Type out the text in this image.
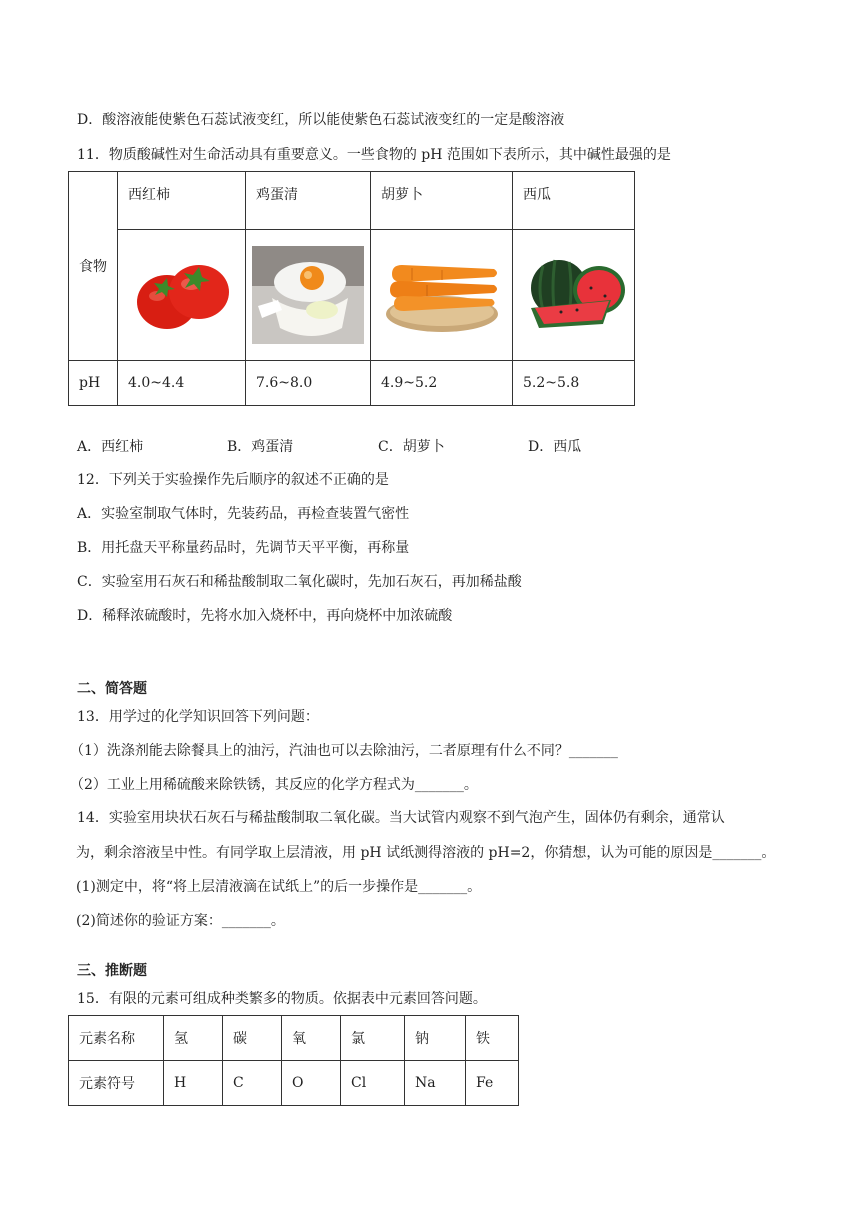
D．酸溶液能使紫色石蕊试液变红，所以能使紫色石蕊试液变红的一定是酸溶液
11．物质酸碱性对生命活动具有重要意义。一些食物的 pH 范围如下表所示，其中碱性最强的是
食物	西红柿	鸡蛋清	胡萝卜	西瓜

pH	4.0~4.4	7.6~8.0	4.9~5.2	5.2~5.8
A．西红柿	B．鸡蛋清	C．胡萝卜	D．西瓜
12．下列关于实验操作先后顺序的叙述不正确的是
A．实验室制取气体时，先装药品，再检查装置气密性
B．用托盘天平称量药品时，先调节天平平衡，再称量
C．实验室用石灰石和稀盐酸制取二氧化碳时，先加石灰石，再加稀盐酸
D．稀释浓硫酸时，先将水加入烧杯中，再向烧杯中加浓硫酸
二、简答题
13．用学过的化学知识回答下列问题：
（1）洗涤剂能去除餐具上的油污，汽油也可以去除油污，二者原理有什么不同？_______
（2）工业上用稀硫酸来除铁锈，其反应的化学方程式为_______。
14．实验室用块状石灰石与稀盐酸制取二氧化碳。当大试管内观察不到气泡产生，固体仍有剩余，通常认
为，剩余溶液呈中性。有同学取上层清液，用 pH 试纸测得溶液的 pH=2，你猜想，认为可能的原因是_______。
(1)测定中，将“将上层清液滴在试纸上”的后一步操作是_______。
(2)简述你的验证方案：_______。
三、推断题
15．有限的元素可组成种类繁多的物质。依据表中元素回答问题。
元素名称	氢	碳	氧	氯	钠	铁
元素符号	H	C	O	Cl	Na	Fe
